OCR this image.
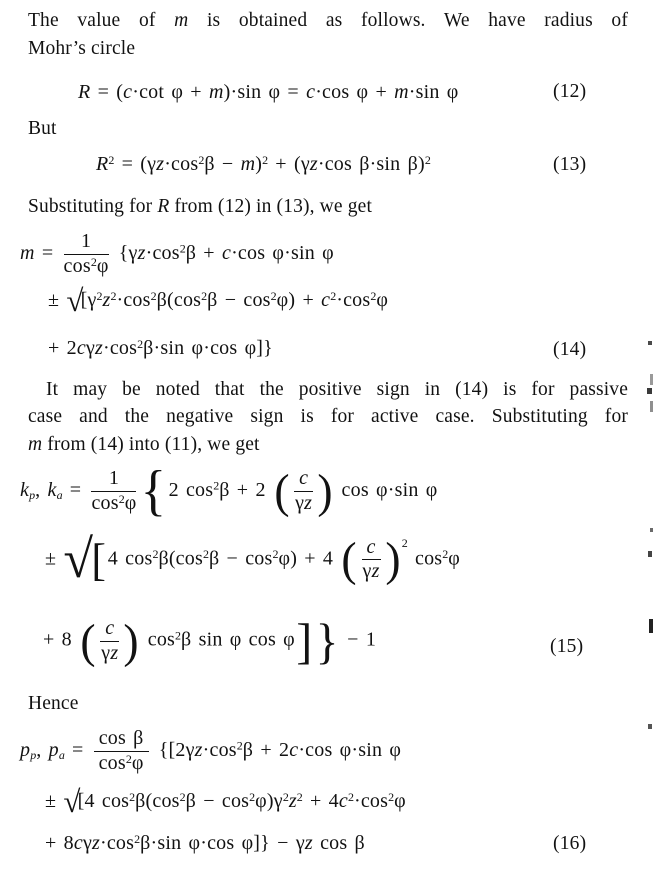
The value of m is obtained as follows. We have radius of
Mohr’s circle
R = (c·cot φ + m)·sin φ = c·cos φ + m·sin φ	(12)
But
$R^2 = (\gamma z\cdot\cos^2\beta - m)^2 + (\gamma z\cdot\cos$ β·sin β)$^2$	(13)
Substituting for R from (12) in (13), we get
$m = \frac{1}{\cos^2\varphi} \{\gamma z\cdot\cos^2\beta + c\cdot\cos$ φ·sin φ
± $√[\gamma^2z^2\cdot\cos^2\beta(\cos^2\beta - \cos^2\varphi) + c^2\cdot\cos^2\varphi$
+ $2c\gamma z\cdot\cos^2\beta\cdot\sin$ φ·cos φ]}	(14)
It may be noted that the positive sign in (14) is for passive
case and the negative sign is for active case. Substituting for
m from (14) into (11), we get
kp, ka = $\frac{1}{\cos^2\varphi} \{2$ $\cos^2\beta + 2$ ( $\frac{c}{\gamma z}$ ) cos φ·sin φ
± √[4 $\cos^2\beta(\cos^2\beta - \cos^2\varphi) + 4$ ( $\frac{c}{\gamma z} )^2$ $\cos^2\varphi$
+ 8 ( $\frac{c}{\gamma z}$ ) $\cos^2\beta$ sin φ cos φ]} − 1	(15)
Hence
pp, pa = $\frac{\text{cos β}}{\cos^2\varphi} \{[2\gamma z\cdot\cos^2\beta + 2c\cdot\cos$ φ·sin φ
± √[4 $\cos^2\beta(\cos^2\beta - \cos^2\varphi)\gamma^2z^2 + 4c^2\cdot\cos^2\varphi$
+ $8c\gamma z\cdot\cos^2\beta\cdot\sin$ φ·cos φ]} − γz cos β	(16)
